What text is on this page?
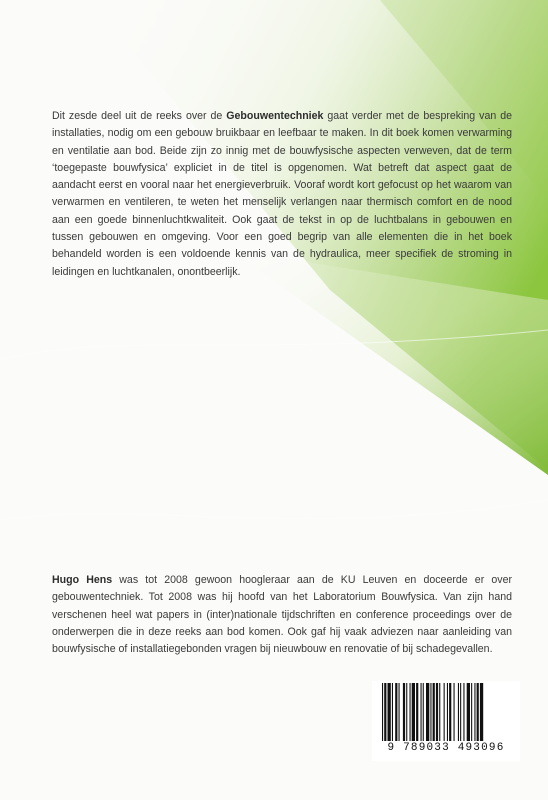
Dit zesde deel uit de reeks over de Gebouwentechniek gaat verder met de bespreking van de installaties, nodig om een gebouw bruikbaar en leefbaar te maken. In dit boek komen verwarming en ventilatie aan bod. Beide zijn zo innig met de bouwfysische aspecten verweven, dat de term ‘toegepaste bouwfysica’ expliciet in de titel is opgenomen. Wat betreft dat aspect gaat de aandacht eerst en vooral naar het energieverbruik. Vooraf wordt kort gefocust op het waarom van verwarmen en ventileren, te weten het menselijk verlangen naar thermisch comfort en de nood aan een goede binnenluchtkwaliteit. Ook gaat de tekst in op de luchtbalans in gebouwen en tussen gebouwen en omgeving. Voor een goed begrip van alle elementen die in het boek behandeld worden is een voldoende kennis van de hydraulica, meer specifiek de stroming in leidingen en luchtkanalen, onontbeerlijk.
Hugo Hens was tot 2008 gewoon hoogleraar aan de KU Leuven en doceerde er over gebouwentechniek. Tot 2008 was hij hoofd van het Laboratorium Bouwfysica. Van zijn hand verschenen heel wat papers in (inter)nationale tijdschriften en conference proceedings over de onderwerpen die in deze reeks aan bod komen. Ook gaf hij vaak adviezen naar aanleiding van bouwfysische of installatiegebonden vragen bij nieuwbouw en renovatie of bij schadegevallen.
9 789033 493096
